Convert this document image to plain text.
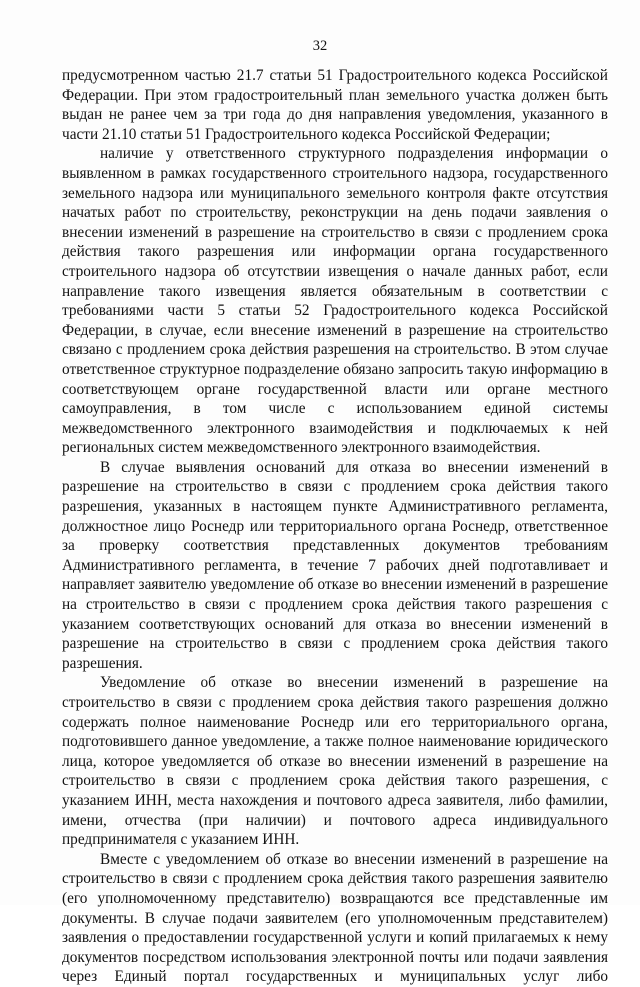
32

предусмотренном частью 21.7 статьи 51 Градостроительного кодекса Российской Федерации. При этом градостроительный план земельного участка должен быть выдан не ранее чем за три года до дня направления уведомления, указанного в части 21.10 статьи 51 Градостроительного кодекса Российской Федерации;

наличие у ответственного структурного подразделения информации о выявленном в рамках государственного строительного надзора, государственного земельного надзора или муниципального земельного контроля факте отсутствия начатых работ по строительству, реконструкции на день подачи заявления о внесении изменений в разрешение на строительство в связи с продлением срока действия такого разрешения или информации органа государственного строительного надзора об отсутствии извещения о начале данных работ, если направление такого извещения является обязательным в соответствии с требованиями части 5 статьи 52 Градостроительного кодекса Российской Федерации, в случае, если внесение изменений в разрешение на строительство связано с продлением срока действия разрешения на строительство. В этом случае ответственное структурное подразделение обязано запросить такую информацию в соответствующем органе государственной власти или органе местного самоуправления, в том числе с использованием единой системы межведомственного электронного взаимодействия и подключаемых к ней региональных систем межведомственного электронного взаимодействия.

В случае выявления оснований для отказа во внесении изменений в разрешение на строительство в связи с продлением срока действия такого разрешения, указанных в настоящем пункте Административного регламента, должностное лицо Роснедр или территориального органа Роснедр, ответственное за проверку соответствия представленных документов требованиям Административного регламента, в течение 7 рабочих дней подготавливает и направляет заявителю уведомление об отказе во внесении изменений в разрешение на строительство в связи с продлением срока действия такого разрешения с указанием соответствующих оснований для отказа во внесении изменений в разрешение на строительство в связи с продлением срока действия такого разрешения.

Уведомление об отказе во внесении изменений в разрешение на строительство в связи с продлением срока действия такого разрешения должно содержать полное наименование Роснедр или его территориального органа, подготовившего данное уведомление, а также полное наименование юридического лица, которое уведомляется об отказе во внесении изменений в разрешение на строительство в связи с продлением срока действия такого разрешения, с указанием ИНН, места нахождения и почтового адреса заявителя, либо фамилии, имени, отчества (при наличии) и почтового адреса индивидуального предпринимателя с указанием ИНН.

Вместе с уведомлением об отказе во внесении изменений в разрешение на строительство в связи с продлением срока действия такого разрешения заявителю (его уполномоченному представителю) возвращаются все представленные им документы. В случае подачи заявителем (его уполномоченным представителем) заявления о предоставлении государственной услуги и копий прилагаемых к нему документов посредством использования электронной почты или подачи заявления через Единый портал государственных и муниципальных услуг либо
